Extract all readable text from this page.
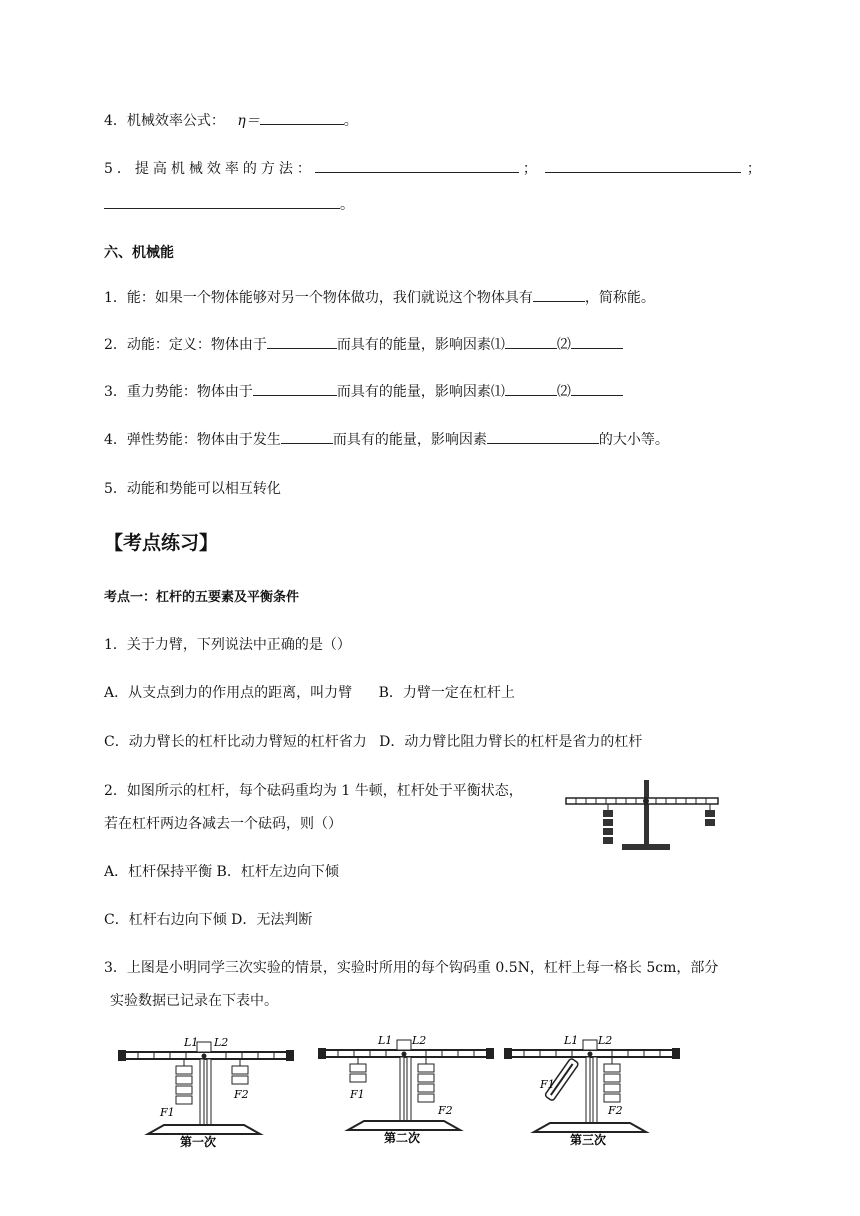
4．机械效率公式： η＝	。
5．提高机械效率的方法：	；	；
。
六、机械能
1．能：如果一个物体能够对另一个物体做功，我们就说这个物体具有	，简称能。
2．动能：定义：物体由于	而具有的能量，影响因素⑴	⑵
3．重力势能：物体由于	而具有的能量，影响因素⑴	⑵
4．弹性势能：物体由于发生	而具有的能量，影响因素	的大小等。
5．动能和势能可以相互转化
【考点练习】
考点一：杠杆的五要素及平衡条件
1．关于力臂，下列说法中正确的是（）
A．从支点到力的作用点的距离，叫力臂 B．力臂一定在杠杆上
C．动力臂长的杠杆比动力臂短的杠杆省力 D．动力臂比阻力臂长的杠杆是省力的杠杆
2．如图所示的杠杆，每个砝码重均为 1 牛顿，杠杆处于平衡状态，
若在杠杆两边各减去一个砝码，则（）
A．杠杆保持平衡 B．杠杆左边向下倾
C．杠杆右边向下倾 D．无法判断
3．上图是小明同学三次实验的情景，实验时所用的每个钩码重 0.5N，杠杆上每一格长 5cm，部分
实验数据已记录在下表中。
L1 L2
F1
F2
第一次
L1 L2
F1
F2
第二次
L1 L2
F1
F2
第三次
